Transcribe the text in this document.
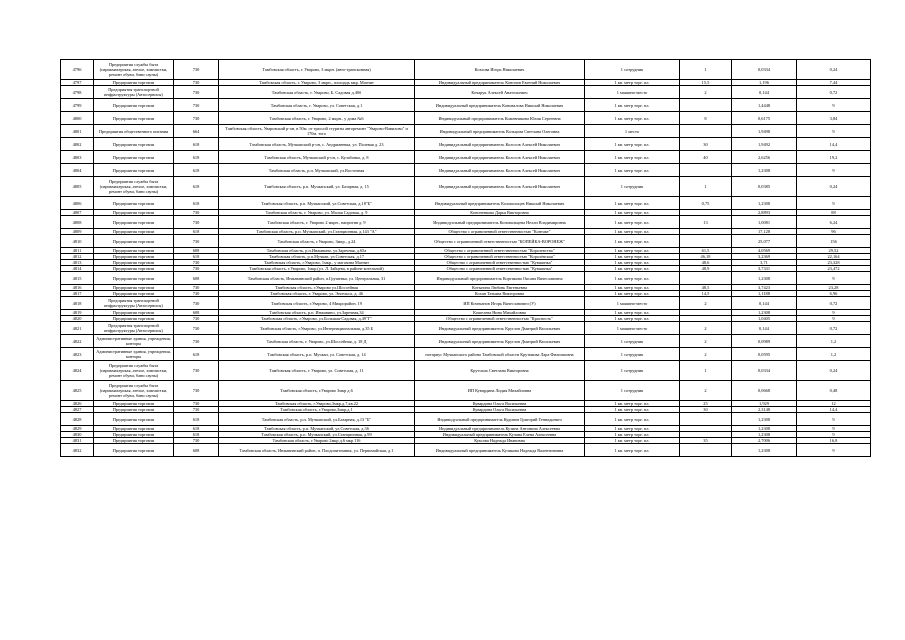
4796	Предприятия службы быта (парикмахерская, ателье, химчистки, ремонт обуви, бани сауны)	730	Тамбовская область, г. Уварово, 3 мкрн. (авто-трансконная)	Козлова Игорь Николаевич	1 сотрудник	1	0,0334	0,24
4797	Предприятия торговли	730	Тамбовская область, г. Уварово, 3 мкрн., площадь мкр. Магнит	Индивидуальный предприниматель Кононов Евгений Николаевич	1 кв. метр торг. пл.	15,5	1,196	7,44
4798	Предприятия транспортной инфраструктуры (Автосервисы)	730	Тамбовская область, г. Уварово, Б. Садовая д.40б	Кочарук Алексей Анатольевич	1 машино-место	2	0,144	0,72
4799	Предприятия торговли	730	Тамбовская область, г. Уварово, ул. Советская, д.1	Индивидуальный предприниматель Коновалова Николай Николаевич	1 кв. метр торг. пл.		1,4448	9
4800	Предприятия торговли	730	Тамбовская область, г. Уварово, 2 мкрн., у дома №6	Индивидуальный предприниматель Кожевникова Юлия Сергеевна	1 кв. метр торг. пл.	8	0,6175	3,84
4801	Предприятия общественного питания	664	Тамбовская область, Уваровский р-он, в 50м. от трассой стуриты авторемонт "Уварово-Вавилово" и 170м. того	Индивидуальный предприниматель Кольцова Светлана Олеговна	1 место		1,9498	9
4802	Предприятия торговли	618	Тамбовская область, Мучкапский р-он, с. Андрианевка, ул. Полевая д. 23	Индивидуальный предприниматель Колосов Алексей Николаевич	1 кв. метр торг. пл.	30	1,9492	14,4
4803	Предприятия торговли	618	Тамбовская область, Мучкапский р-он, с. Кулабовка, д. 8	Индивидуальный предприниматель Колосов Алексей Николаевич	1 кв. метр торг. пл.	40	2,6256	19,2
4804	Предприятия торговли	618	Тамбовская область, р.п. Мучкапский, ул.Восточная	Индивидуальный предприниматель Колосов Алексей Николаевич	1 кв. метр торг. пл.		1,2308	9
4805	Предприятия службы быта (парикмахерская, ателье, химчистки, ремонт обуви, бани сауны)	618	Тамбовская область, р.п. Мучкапский, ул. Базарная, д. 15	Индивидуальный предприниматель Колосов Алексей Николаевич	1 сотрудник	1	0,0385	0,24
4806	Предприятия торговли	618	Тамбовская область, р.п. Мучкапский, ул.Советская, д.18"Б"	Индивидуальный предприниматель Колокольцев Николай Николаевич	1 кв. метр торг. пл.	0,75	1,2308	9
4807	Предприятия торговли	730	Тамбовская область, г. Уварово, ул. Малая Садовая, д. 9	Кононенкова Дарья Викторовна	1 кв. метр торг. пл.		2,8893	88
4808	Предприятия торговли	730	Тамбовская область, г. Уварово 2 мкрн., напротив д. 9	Индивидуальный предприниматель Коновальцева Нелли Владимировна	1 кв. метр торг. пл.	13	1,0081	6,24
4809	Предприятия торговли	618	Тамбовская область, р.п. Мучкапский, ул.Станционная, д.143 "А"	Общество с ограниченной ответственностью "Контакт"	1 кв. метр торг. пл.		17,128	96
4810	Предприятия торговли	730	Тамбовская область, г.Уварово, 3мкр., д.24	Общество с ограниченной ответственностью "КОПЕЙКА-ВОРОНЕЖ"	1 кв. метр торг. пл.		25,077	156
4811	Предприятия торговли	608	Тамбовская область, р.п.Инжавино, ул.Заречная, д.65а	Общество с ограниченной ответственностью "Королевство"	1 кв. метр торг. пл.	61,5	4,0569	29,52
4812	Предприятия торговли	618	Тамбовская область, р.п.Мучкап, ул.Советская, д.17	Общество с ограниченной ответственностью "Королёвская"	1 кв. метр торг. пл.	46,18	3,2369	22,164
4813	Предприятия торговли	730	Тамбовская область, г.Уварово, 1мкр., у магазина Магнит	Общество с ограниченной ответственностью "Кувшинка"	1 кв. метр торг. пл.	48,6	3,71	23,328
4814	Предприятия торговли	730	Тамбовская область, г.Уварово, 1мкр.(ул. Л. Зайцева, в районе котельной)	Общество с ограниченной ответственностью "Кувшинка"	1 кв. метр торг. пл.	48,9	3,7331	23,472
4815	Предприятия торговли	608	Тамбовская область, Инжавинский район, п.Грушевка, ул. Центральная, 31	Индивидуальный предприниматель Кортикова Оксана Вячеславовна	1 кв. метр торг. пл.		1,2308	9
4816	Предприятия торговли	730	Тамбовская область, г.Уварово ул.Шоссейная	Котыгина Любовь Евгеньевна	1 кв. метр торг. пл.	48,5	3,7423	23,28
4817	Предприятия торговли	730	Тамбовская область, г. Уварово, ул. Энгельса, д. 46	Кохан Татьяна Викторовна	1 кв. метр торг. пл.	14,5	1,1188	6,96
4818	Предприятия транспортной инфраструктуры (Автосервисы)	730	Тамбовская область, г.Уварово, 4 Микрорайон, 19	ИП Кочеканов Игорь Вячеславович (У)	1 машино-место	2	0,144	0,72
4819	Предприятия торговли	608	Тамбовская область, р.п. Инжавино, ул.Заречная,34	Кошелева Нина Михайловна	1 кв. метр торг. пл.		1,2308	9
4820	Предприятия торговли	730	Тамбовская область, г.Уварово, ул.Большая-Садовая, д.49"Г"	Общество с ограниченной ответственностью "Красность"	1 кв. метр торг. пл.		1,0405	9
4821	Предприятия транспортной инфраструктуры (Автосервисы)	730	Тамбовская область, г.Уварово, ул.Интернациональная, д.35 Б	Индивидуальный предприниматель Круглов Дмитрий Васильевич	1 машино-место	2	0,144	0,72
4822	Административные здания, учреждения, конторы	730	Тамбовская область, г. Уварово, ул.Шоссейная, д. 18 Д	Индивидуальный предприниматель Круглов Дмитрий Васильевич	1 сотрудник	2	0,0989	1,2
4823	Административные здания, учреждения, конторы	618	Тамбовская область, р.п. Мучкап, ул. Советская, д. 14	нотариус Мучкапского района Тамбовской области Крутикова Лара Филипповна	1 сотрудник	2	0,0595	1,2
4824	Предприятия службы быта (парикмахерская, ателье, химчистки, ремонт обуви, бани сауны)	730	Тамбовская область, г. Уварово, ул. Советская, д. 11	Крутских Светлана Викторовна	1 сотрудник	1	0,0334	0,24
4825	Предприятия службы быта (парикмахерская, ателье, химчистки, ремонт обуви, бани сауны)	730	Тамбовская область, г.Уварово 3мкр д.6	ИП Кувардина Лидия Михайловна	1 сотрудник	2	0,0668	0,48
4826	Предприятия торговли	730	Тамбовская область, г.Уварово,3мкр,д.7,кв.22	Кувардина Ольга Васильевна	1 кв. метр торг. пл.	25	1,929	12
4827	Предприятия торговли	730	Тамбовская область, г.Уварово,3мкр,д.1	Кувардина Ольга Васильевна	1 кв. метр торг. пл.	30	2,3148	14,4
4828	Предприятия торговли	618	Тамбовская область, р.п. Мучкапский, ул.Базарная, д.13 "Б"	Индивидуальный предприниматель Кудинов Григорий Геннадьевич	1 кв. метр торг. пл.		1,2308	9
4829	Предприятия торговли	618	Тамбовская область, р.п. Мучкапский, ул.Советская, д.36	Индивидуальный предприниматель Кузина Антонина Алексеевна	1 кв. метр торг. пл.		1,2308	9
4830	Предприятия торговли	618	Тамбовская область, р.п. Мучкапский, ул.Станционная, д.99	Индивидуальный предприниматель Кузина Елена Алексеевна	1 кв. метр торг. пл.		1,2308	9
4831	Предприятия торговли	730	Тамбовская область, г.Уварово 2мкр д.6 мкр 116	Куксова Надежда Ивановна	1 кв. метр торг. пл.	35	2,7006	16,8
4832	Предприятия торговли	608	Тамбовская область, Инжавинский район, п. Плодопитомник, ул. Первомайская, д.1	Индивидуальный предприниматель Куликова Надежда Валентиновна	1 кв. метр торг. пл.		1,2308	9
